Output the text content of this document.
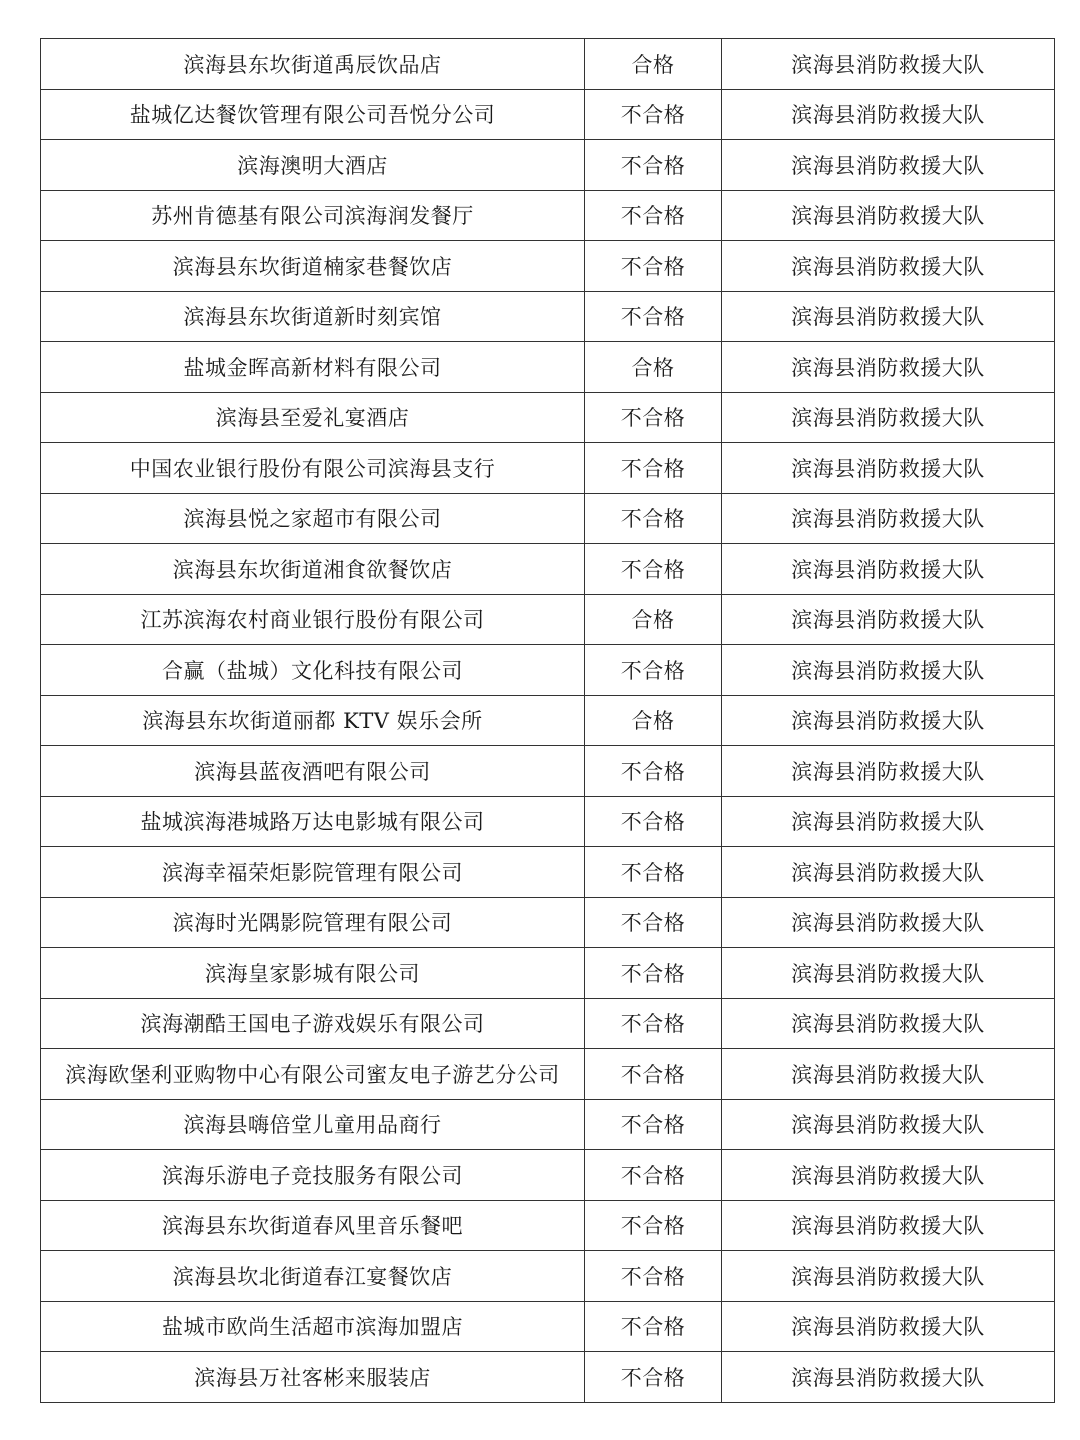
滨海县东坎街道禹辰饮品店	合格	滨海县消防救援大队
盐城亿达餐饮管理有限公司吾悦分公司	不合格	滨海县消防救援大队
滨海澳明大酒店	不合格	滨海县消防救援大队
苏州肯德基有限公司滨海润发餐厅	不合格	滨海县消防救援大队
滨海县东坎街道楠家巷餐饮店	不合格	滨海县消防救援大队
滨海县东坎街道新时刻宾馆	不合格	滨海县消防救援大队
盐城金晖高新材料有限公司	合格	滨海县消防救援大队
滨海县至爱礼宴酒店	不合格	滨海县消防救援大队
中国农业银行股份有限公司滨海县支行	不合格	滨海县消防救援大队
滨海县悦之家超市有限公司	不合格	滨海县消防救援大队
滨海县东坎街道湘食欲餐饮店	不合格	滨海县消防救援大队
江苏滨海农村商业银行股份有限公司	合格	滨海县消防救援大队
合赢（盐城）文化科技有限公司	不合格	滨海县消防救援大队
滨海县东坎街道丽都 KTV 娱乐会所	合格	滨海县消防救援大队
滨海县蓝夜酒吧有限公司	不合格	滨海县消防救援大队
盐城滨海港城路万达电影城有限公司	不合格	滨海县消防救援大队
滨海幸福荣炬影院管理有限公司	不合格	滨海县消防救援大队
滨海时光隅影院管理有限公司	不合格	滨海县消防救援大队
滨海皇家影城有限公司	不合格	滨海县消防救援大队
滨海潮酷王国电子游戏娱乐有限公司	不合格	滨海县消防救援大队
滨海欧堡利亚购物中心有限公司蜜友电子游艺分公司	不合格	滨海县消防救援大队
滨海县嗨倍堂儿童用品商行	不合格	滨海县消防救援大队
滨海乐游电子竞技服务有限公司	不合格	滨海县消防救援大队
滨海县东坎街道春风里音乐餐吧	不合格	滨海县消防救援大队
滨海县坎北街道春江宴餐饮店	不合格	滨海县消防救援大队
盐城市欧尚生活超市滨海加盟店	不合格	滨海县消防救援大队
滨海县万社客彬来服装店	不合格	滨海县消防救援大队
